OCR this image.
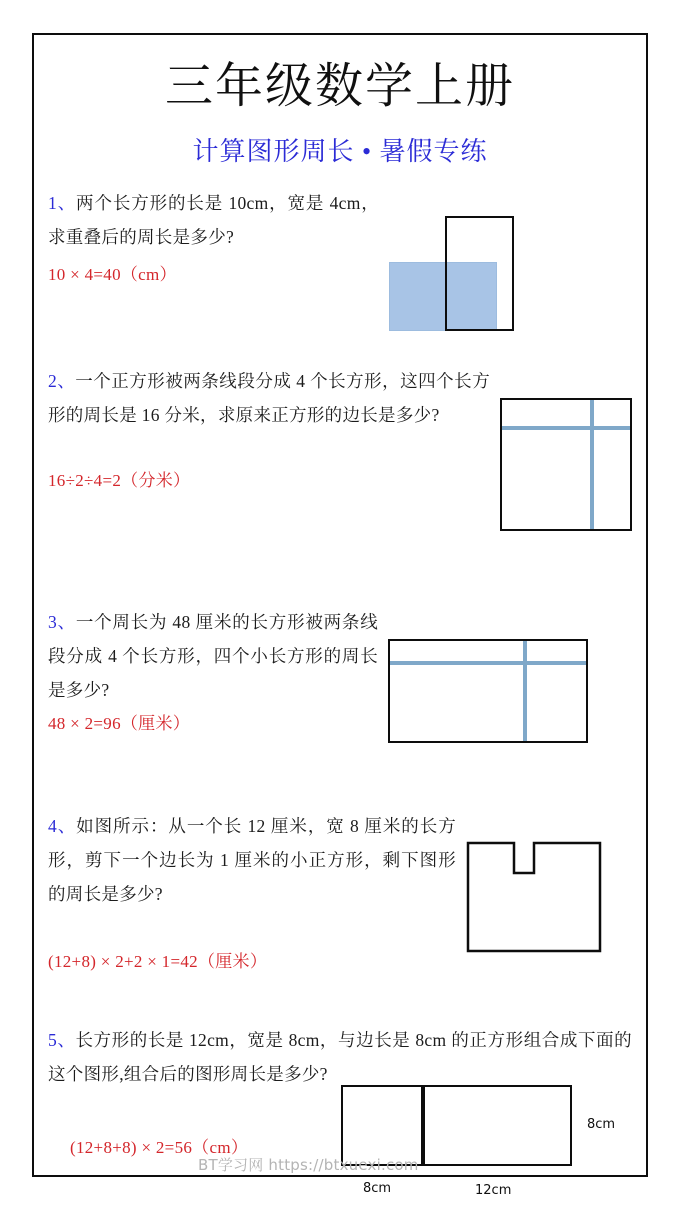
三年级数学上册
计算图形周长 • 暑假专练
1、两个长方形的长是 10cm，宽是 4cm，求重叠后的周长是多少?
10 × 4=40（cm）
2、一个正方形被两条线段分成 4 个长方形，这四个长方形的周长是 16 分米，求原来正方形的边长是多少?
16÷2÷4=2（分米）
3、一个周长为 48 厘米的长方形被两条线段分成 4 个长方形，四个小长方形的周长是多少?
48 × 2=96（厘米）
4、如图所示：从一个长 12 厘米，宽 8 厘米的长方形，剪下一个边长为 1 厘米的小正方形，剩下图形的周长是多少?
(12+8) × 2+2 × 1=42（厘米）
5、长方形的长是 12cm，宽是 8cm，与边长是 8cm 的正方形组合成下面的这个图形,组合后的图形周长是多少?
(12+8+8) × 2=56（cm）
8cm
BT学习网 https://btxuexi.com
8cm	12cm
